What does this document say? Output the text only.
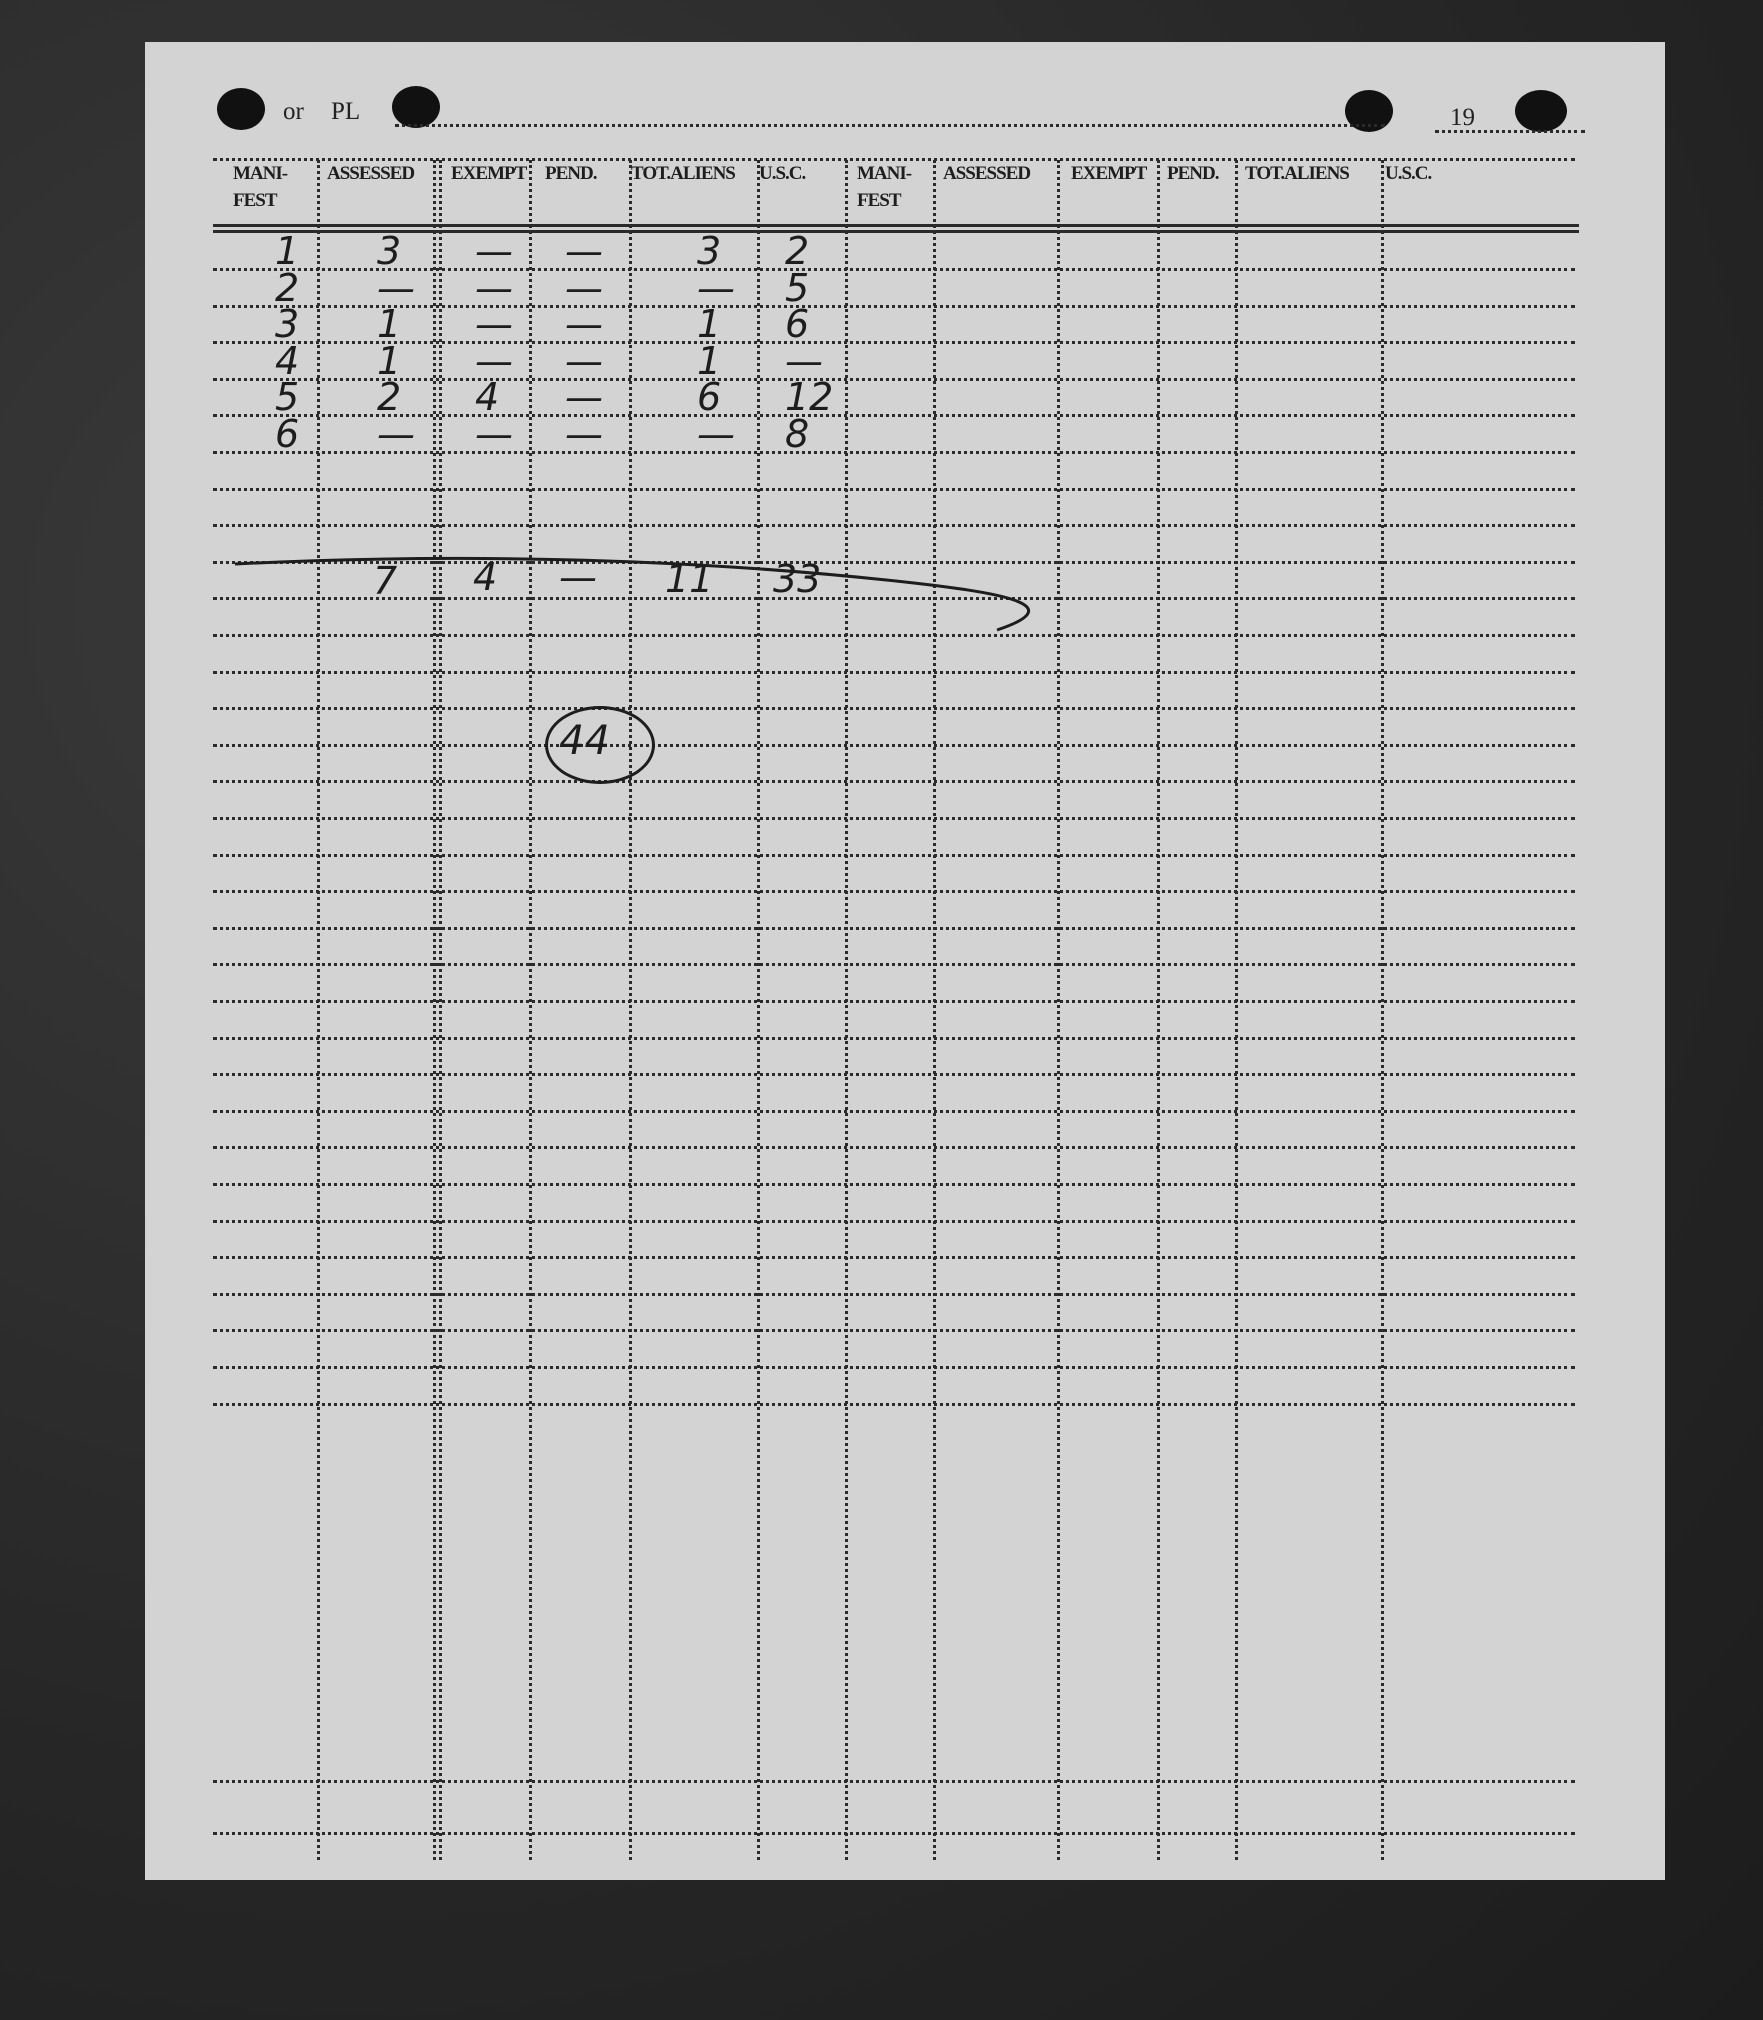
or PL	19
MANI-
FEST
ASSESSED EXEMPT PEND. TOT.ALIENS U.S.C.	MANI-
FEST
ASSESSED EXEMPT PEND. TOT.ALIENS U.S.C.
1 3 — — 3 2
2 — — — — 5
3 1 — — 1 6
4 1 — — 1 —
5 2 4 — 6 12
6 — — — — 8
7 4 — 11 33
44
